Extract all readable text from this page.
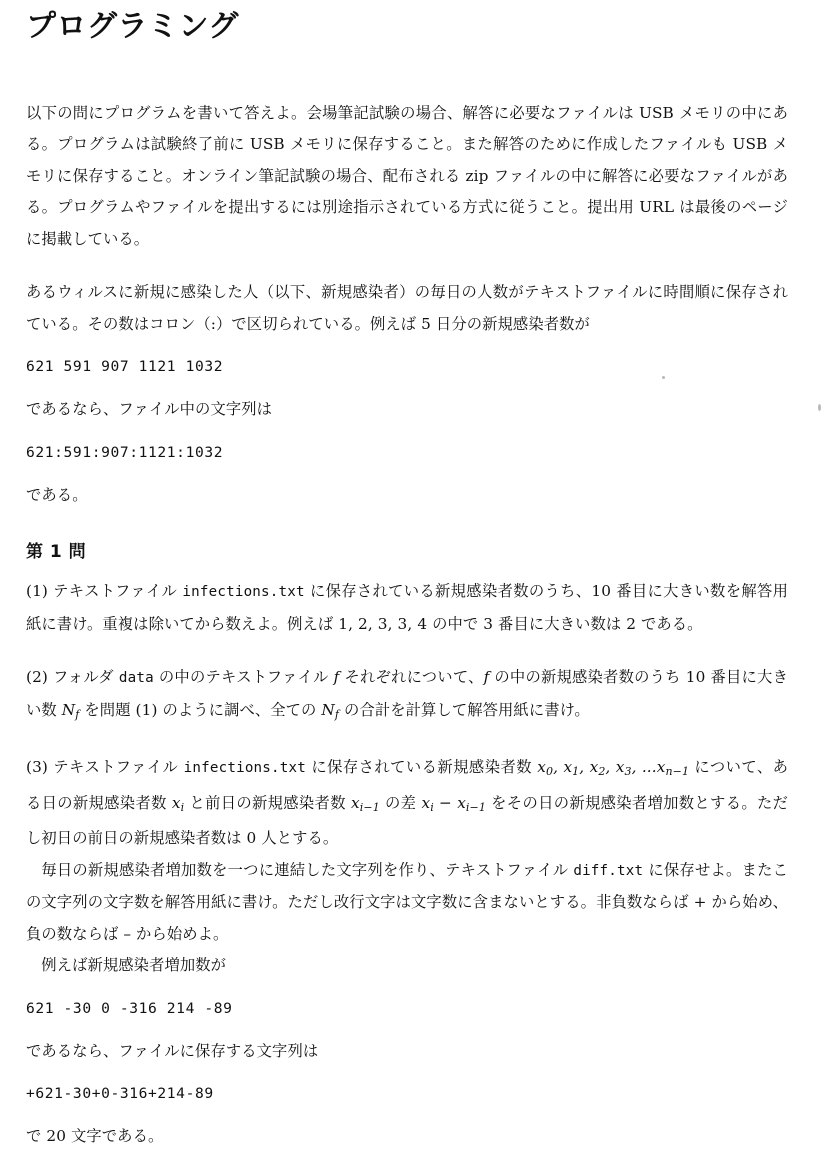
プログラミング

以下の問にプログラムを書いて答えよ。会場筆記試験の場合、解答に必要なファイルは USB メモリの中にある。プログラムは試験終了前に USB メモリに保存すること。また解答のために作成したファイルも USB メモリに保存すること。オンライン筆記試験の場合、配布される zip ファイルの中に解答に必要なファイルがある。プログラムやファイルを提出するには別途指示されている方式に従うこと。提出用 URL は最後のページに掲載している。

あるウィルスに新規に感染した人（以下、新規感染者）の毎日の人数がテキストファイルに時間順に保存されている。その数はコロン（:）で区切られている。例えば 5 日分の新規感染者数が

621 591 907 1121 1032

であるなら、ファイル中の文字列は

621:591:907:1121:1032

である。

第 1 問

(1) テキストファイル infections.txt に保存されている新規感染者数のうち、10 番目に大きい数を解答用紙に書け。重複は除いてから数えよ。例えば 1, 2, 3, 3, 4 の中で 3 番目に大きい数は 2 である。

(2) フォルダ data の中のテキストファイル f それぞれについて、f の中の新規感染者数のうち 10 番目に大きい数 $N_f$ を問題 (1) のように調べ、全ての $N_f$ の合計を計算して解答用紙に書け。

(3) テキストファイル infections.txt に保存されている新規感染者数 $x_0$, $x_1$, $x_2$, $x_3$, $...x_{n-1}$ について、ある日の新規感染者数 $x_i$ と前日の新規感染者数 $x_{i-1}$ の差 $x_i - x_{i-1}$ をその日の新規感染者増加数とする。ただし初日の前日の新規感染者数は 0 人とする。

毎日の新規感染者増加数を一つに連結した文字列を作り、テキストファイル diff.txt に保存せよ。またこの文字列の文字数を解答用紙に書け。ただし改行文字は文字数に含まないとする。非負数ならば + から始め、負の数ならば – から始めよ。

例えば新規感染者増加数が

621 -30 0 -316 214 -89

であるなら、ファイルに保存する文字列は

+621-30+0-316+214-89

で 20 文字である。
